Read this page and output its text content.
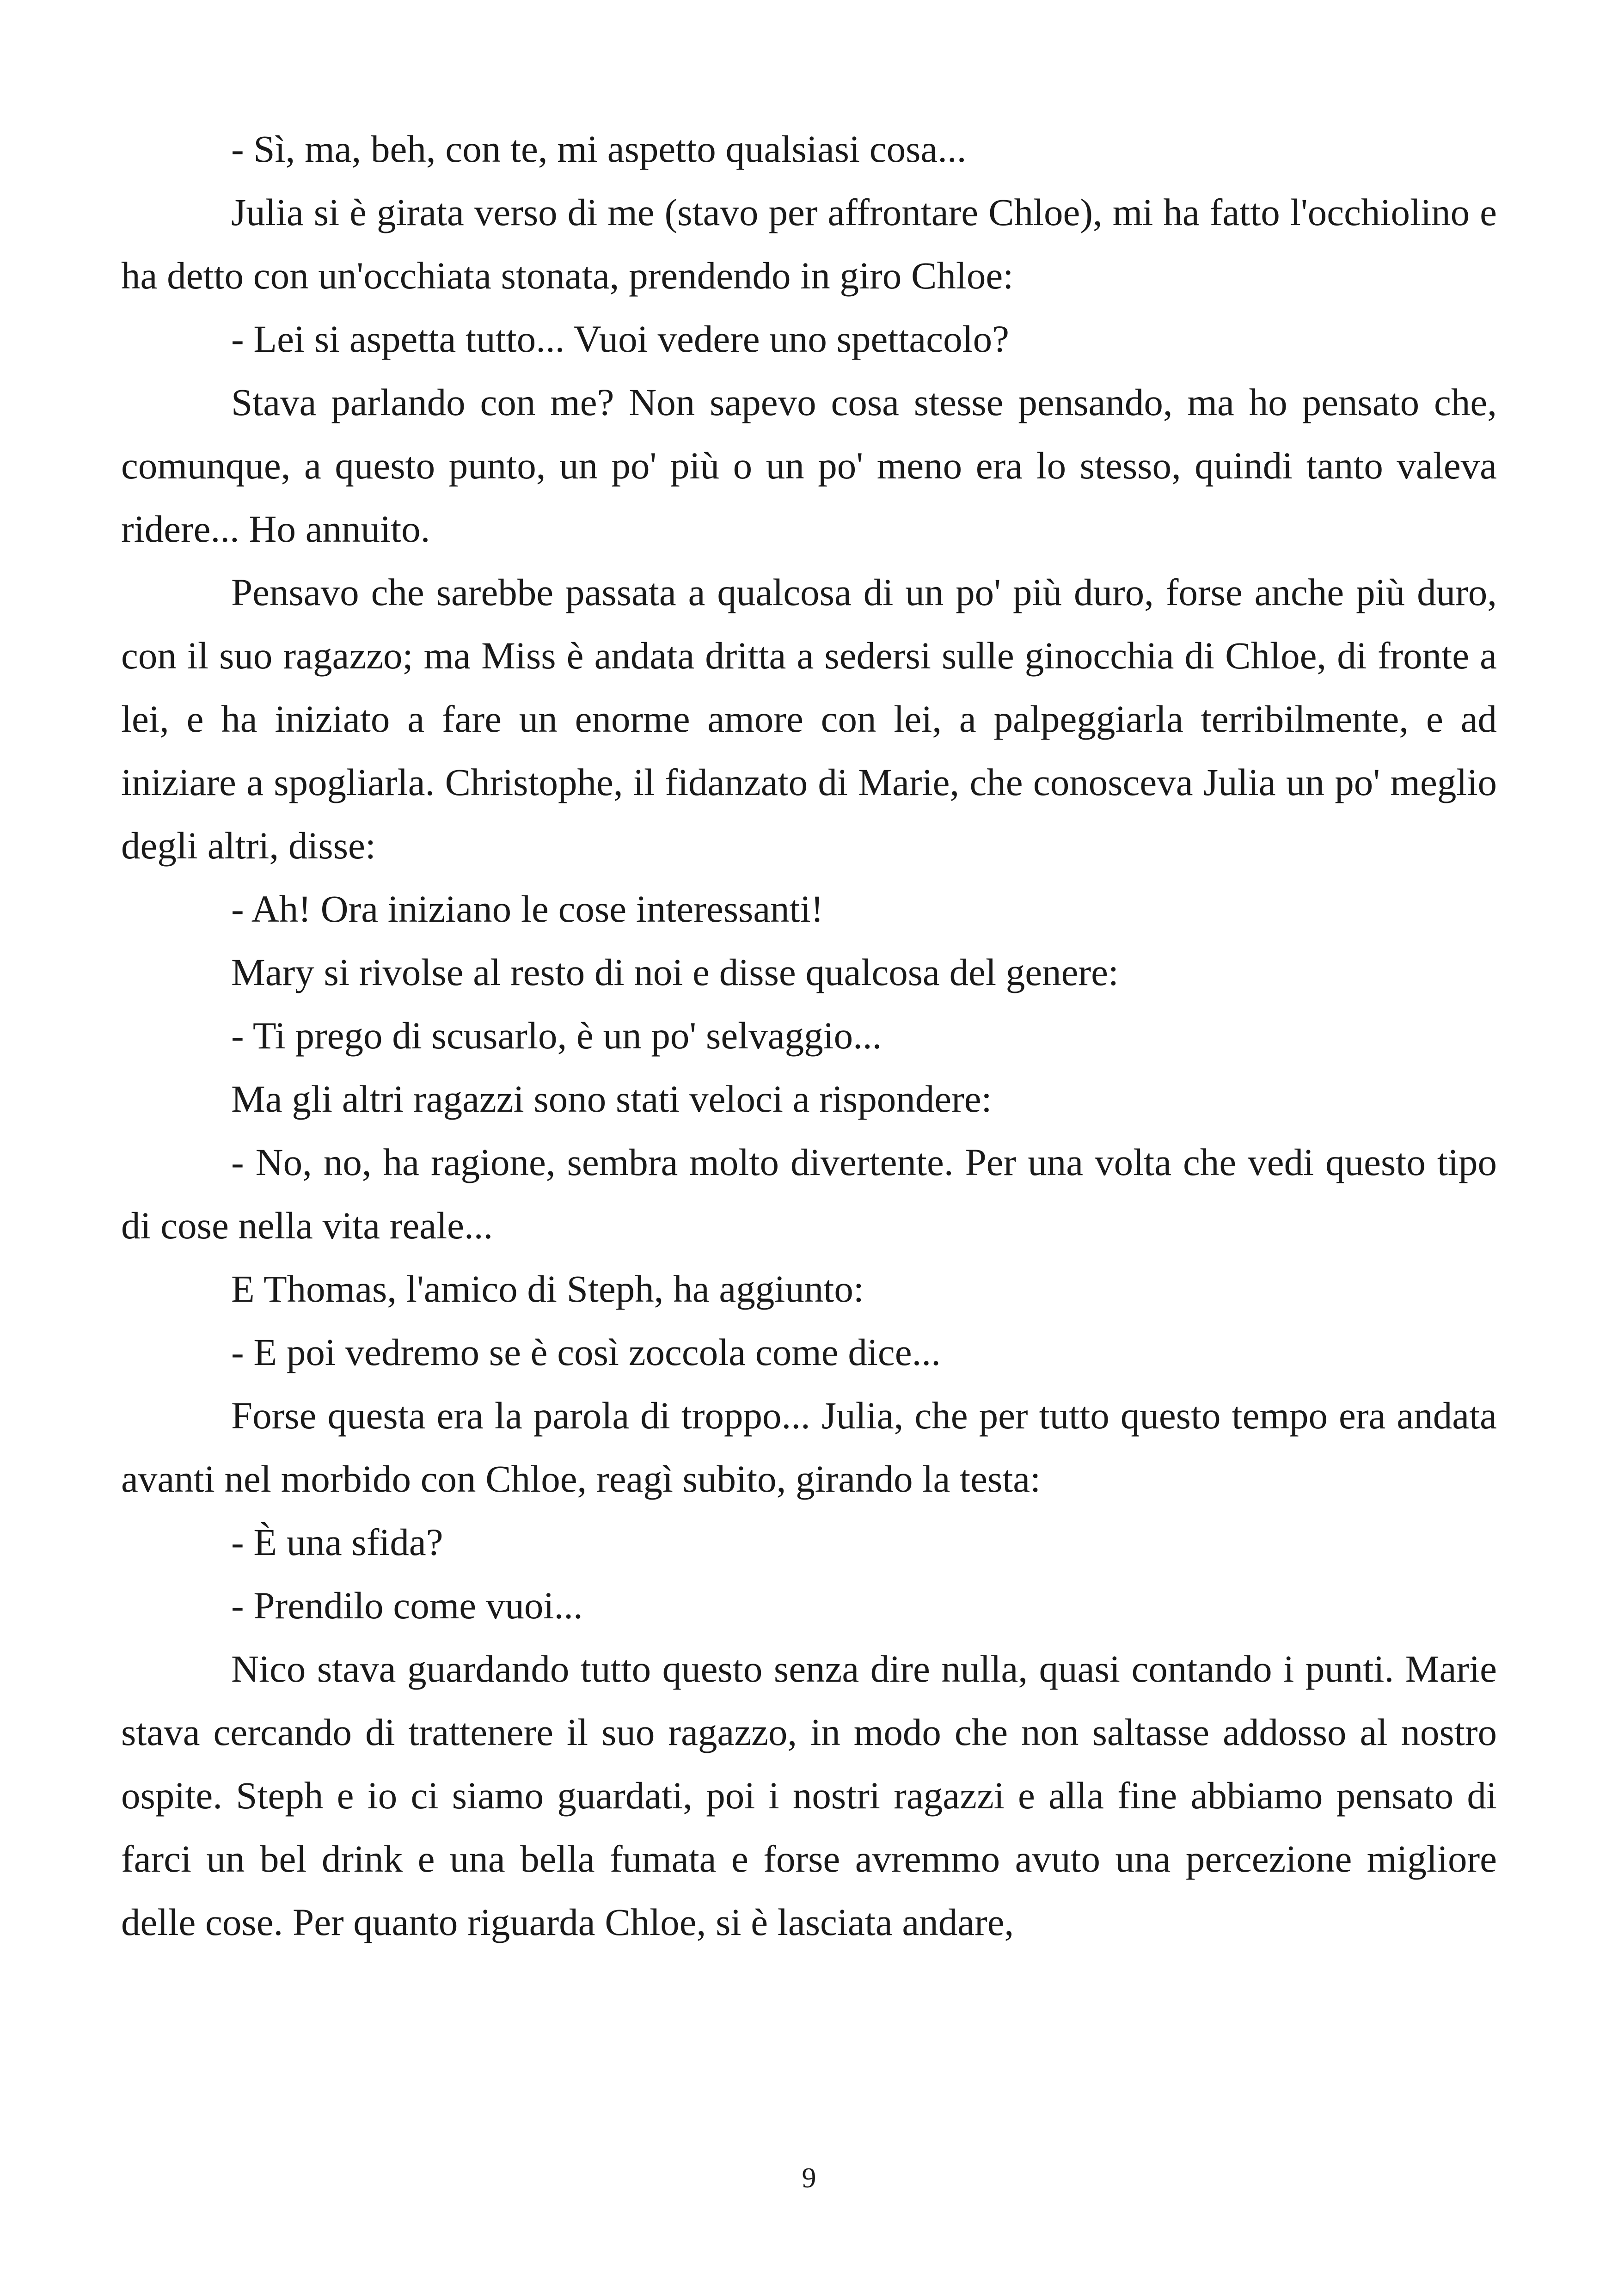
- Sì, ma, beh, con te, mi aspetto qualsiasi cosa...

Julia si è girata verso di me (stavo per affrontare Chloe), mi ha fatto l'occhiolino e ha detto con un'occhiata stonata, prendendo in giro Chloe:

- Lei si aspetta tutto... Vuoi vedere uno spettacolo?

Stava parlando con me? Non sapevo cosa stesse pensando, ma ho pensato che, comunque, a questo punto, un po' più o un po' meno era lo stesso, quindi tanto valeva ridere... Ho annuito.

Pensavo che sarebbe passata a qualcosa di un po' più duro, forse anche più duro, con il suo ragazzo; ma Miss è andata dritta a sedersi sulle ginocchia di Chloe, di fronte a lei, e ha iniziato a fare un enorme amore con lei, a palpeggiarla terribilmente, e ad iniziare a spogliarla. Christophe, il fidanzato di Marie, che conosceva Julia un po' meglio degli altri, disse:

- Ah! Ora iniziano le cose interessanti!

Mary si rivolse al resto di noi e disse qualcosa del genere:

- Ti prego di scusarlo, è un po' selvaggio...

Ma gli altri ragazzi sono stati veloci a rispondere:

- No, no, ha ragione, sembra molto divertente. Per una volta che vedi questo tipo di cose nella vita reale...

E Thomas, l'amico di Steph, ha aggiunto:

- E poi vedremo se è così zoccola come dice...

Forse questa era la parola di troppo... Julia, che per tutto questo tempo era andata avanti nel morbido con Chloe, reagì subito, girando la testa:

- È una sfida?

- Prendilo come vuoi...

Nico stava guardando tutto questo senza dire nulla, quasi contando i punti. Marie stava cercando di trattenere il suo ragazzo, in modo che non saltasse addosso al nostro ospite. Steph e io ci siamo guardati, poi i nostri ragazzi e alla fine abbiamo pensato di farci un bel drink e una bella fumata e forse avremmo avuto una percezione migliore delle cose. Per quanto riguarda Chloe, si è lasciata andare,

9
